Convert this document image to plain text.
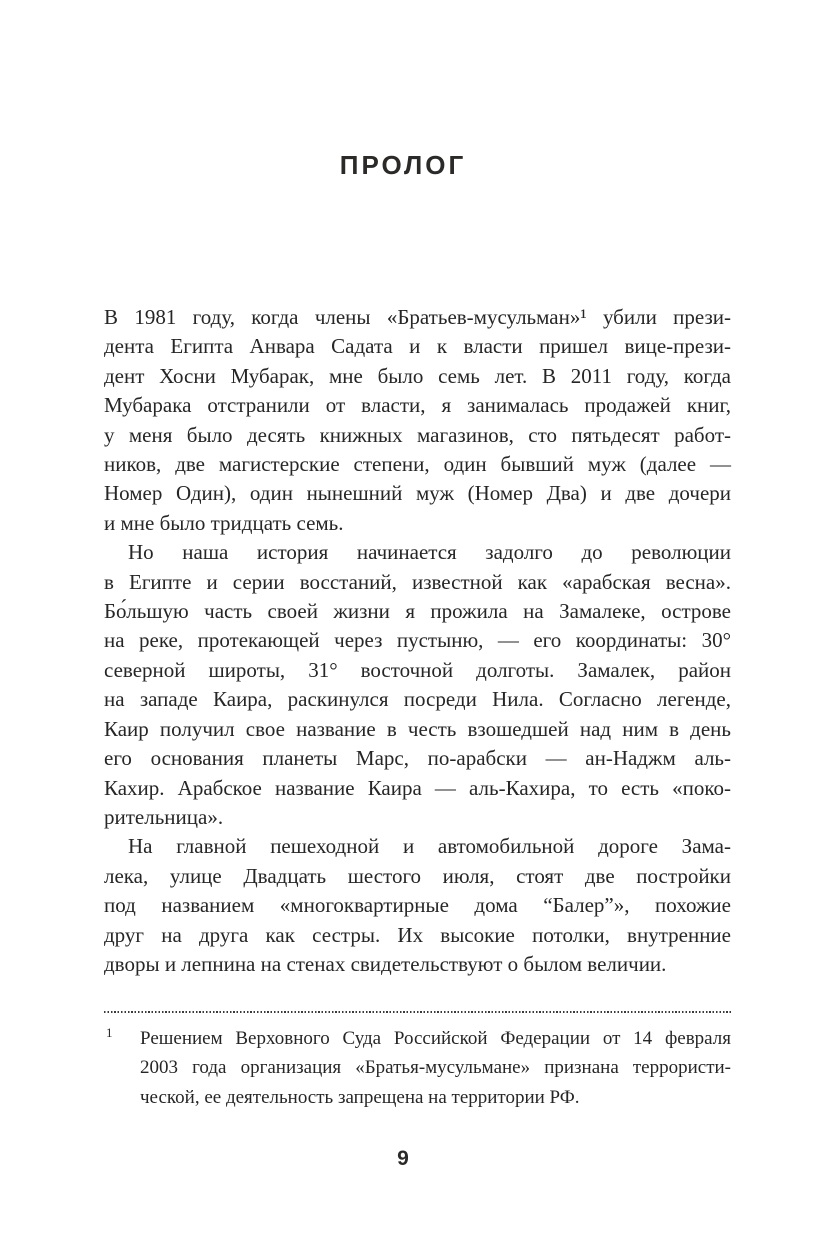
ПРОЛОГ
В 1981 году, когда члены «Братьев-мусульман»¹ убили прези-
дента Египта Анвара Садата и к власти пришел вице-прези-
дент Хосни Мубарак, мне было семь лет. В 2011 году, когда
Мубарака отстранили от власти, я занималась продажей книг,
у меня было десять книжных магазинов, сто пятьдесят работ-
ников, две магистерские степени, один бывший муж (далее —
Номер Один), один нынешний муж (Номер Два) и две дочери
и мне было тридцать семь.
Но наша история начинается задолго до революции
в Египте и серии восстаний, известной как «арабская весна».
Бо́льшую часть своей жизни я прожила на Замалеке, острове
на реке, протекающей через пустыню, — его координаты: 30°
северной широты, 31° восточной долготы. Замалек, район
на западе Каира, раскинулся посреди Нила. Согласно легенде,
Каир получил свое название в честь взошедшей над ним в день
его основания планеты Марс, по-арабски — ан-Наджм аль-
Кахир. Арабское название Каира — аль-Кахира, то есть «поко-
рительница».
На главной пешеходной и автомобильной дороге Зама-
лека, улице Двадцать шестого июля, стоят две постройки
под названием «многоквартирные дома “Балер”», похожие
друг на друга как сестры. Их высокие потолки, внутренние
дворы и лепнина на стенах свидетельствуют о былом величии.
1 Решением Верховного Суда Российской Федерации от 14 февраля
2003 года организация «Братья-мусульмане» признана террористи-
ческой, ее деятельность запрещена на территории РФ.
9
